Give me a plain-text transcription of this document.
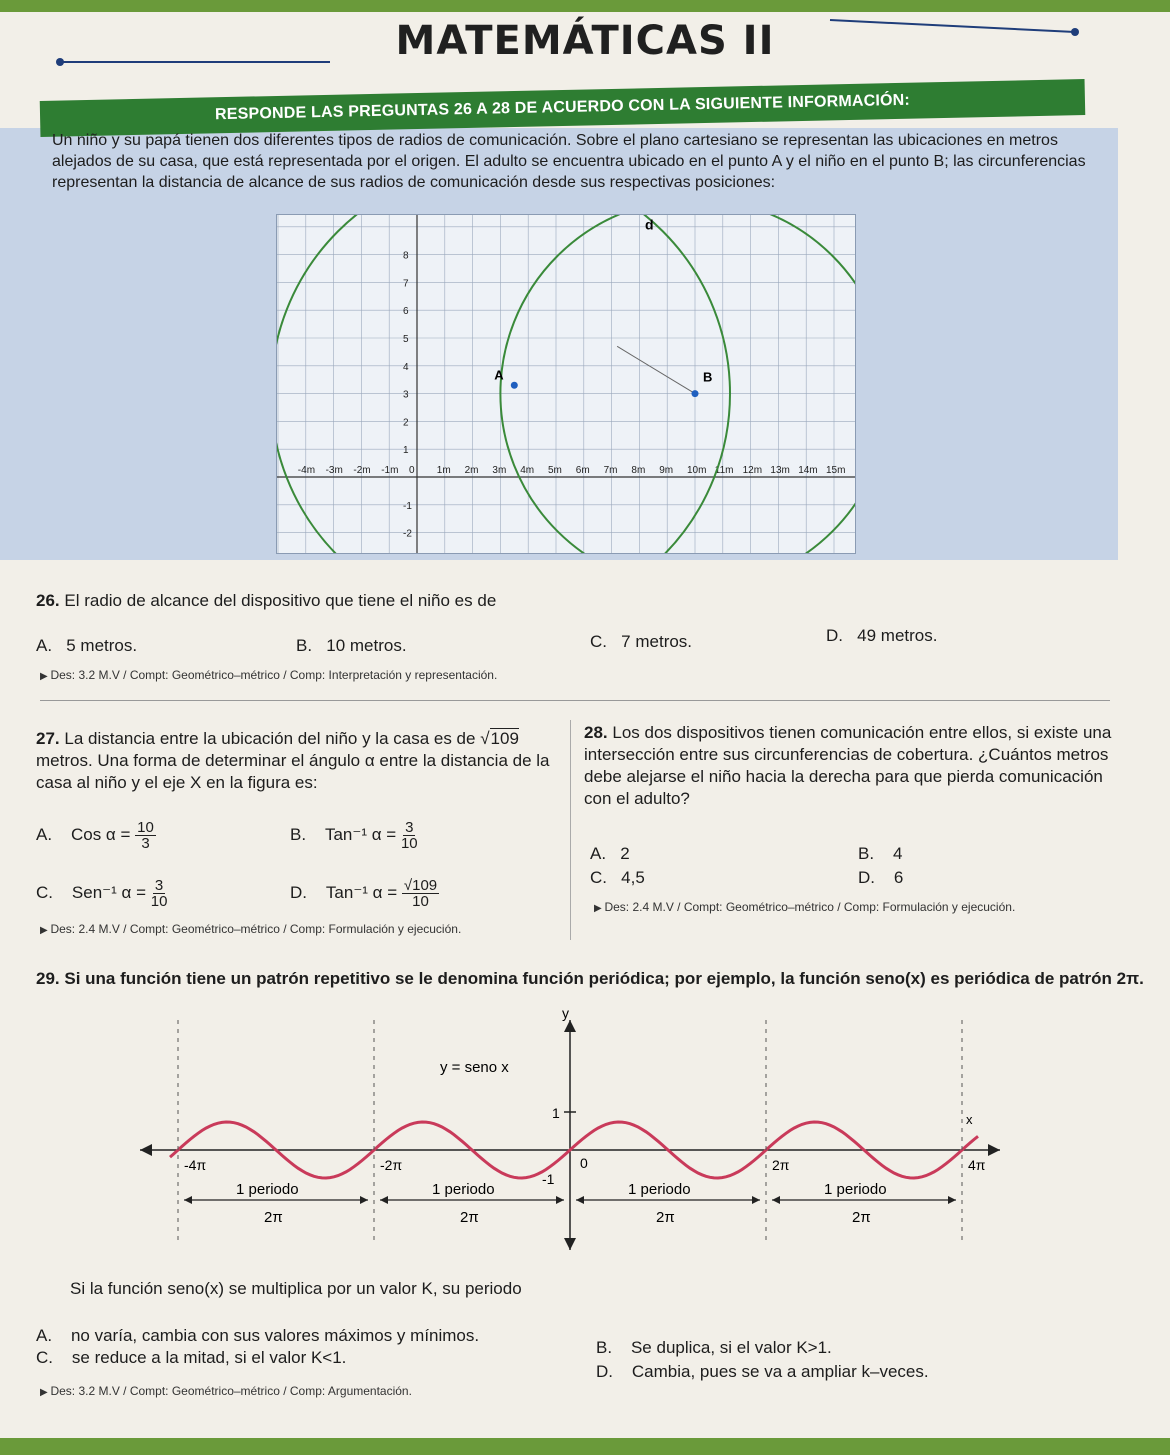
MATEMÁTICAS II
RESPONDE LAS PREGUNTAS 26 A 28 DE ACUERDO CON LA SIGUIENTE INFORMACIÓN:
Un niño y su papá tienen dos diferentes tipos de radios de comunicación. Sobre el plano cartesiano se representan las ubicaciones en metros alejados de su casa, que está representada por el origen. El adulto se encuentra ubicado en el punto A y el niño en el punto B; las circunferencias representan la distancia de alcance de sus radios de comunicación desde sus respectivas posiciones:
-4m -3m -2m -1m 0 1m 2m 3m 4m 5m 6m 7m 8m 9m 10m 11m 12m 13m 14m 15m
8
7
6
5
4
3
2
1
-1
-2
A	B
d
26. El radio de alcance del dispositivo que tiene el niño es de
A. 5 metros.	B. 10 metros.	C. 7 metros.	D. 49 metros.
▶ Des: 3.2 M.V / Compt: Geométrico–métrico / Comp: Interpretación y representación.
27. La distancia entre la ubicación del niño y la casa es de √109 metros. Una forma de determinar el ángulo α entre la distancia de la casa al niño y el eje X en la figura es:
A. Cos $\alpha = \frac{10}{3}$	B. Tan⁻¹ $\alpha = \frac{3}{10}$
C. Sen⁻¹ $\alpha = \frac{3}{10}$	D. Tan⁻¹ $\alpha = \frac{√109}{10}$
▶ Des: 2.4 M.V / Compt: Geométrico–métrico / Comp: Formulación y ejecución.
28. Los dos dispositivos tienen comunicación entre ellos, si existe una intersección entre sus circunferencias de cobertura. ¿Cuántos metros debe alejarse el niño hacia la derecha para que pierda comunicación con el adulto?
A. 2	B. 4
C. 4,5	D. 6
▶ Des: 2.4 M.V / Compt: Geométrico–métrico / Comp: Formulación y ejecución.
29. Si una función tiene un patrón repetitivo se le denomina función periódica; por ejemplo, la función seno(x) es periódica de patrón 2π.
y
x
y = seno x
1
-1
0
-4π	-2π	2π	4π
1 periodo
2π
1 periodo
2π
1 periodo
2π
1 periodo
2π
Si la función seno(x) se multiplica por un valor K, su periodo
A. no varía, cambia con sus valores máximos y mínimos.
C. se reduce a la mitad, si el valor K<1.
B. Se duplica, si el valor K>1.
D. Cambia, pues se va a ampliar k–veces.
▶ Des: 3.2 M.V / Compt: Geométrico–métrico / Comp: Argumentación.
